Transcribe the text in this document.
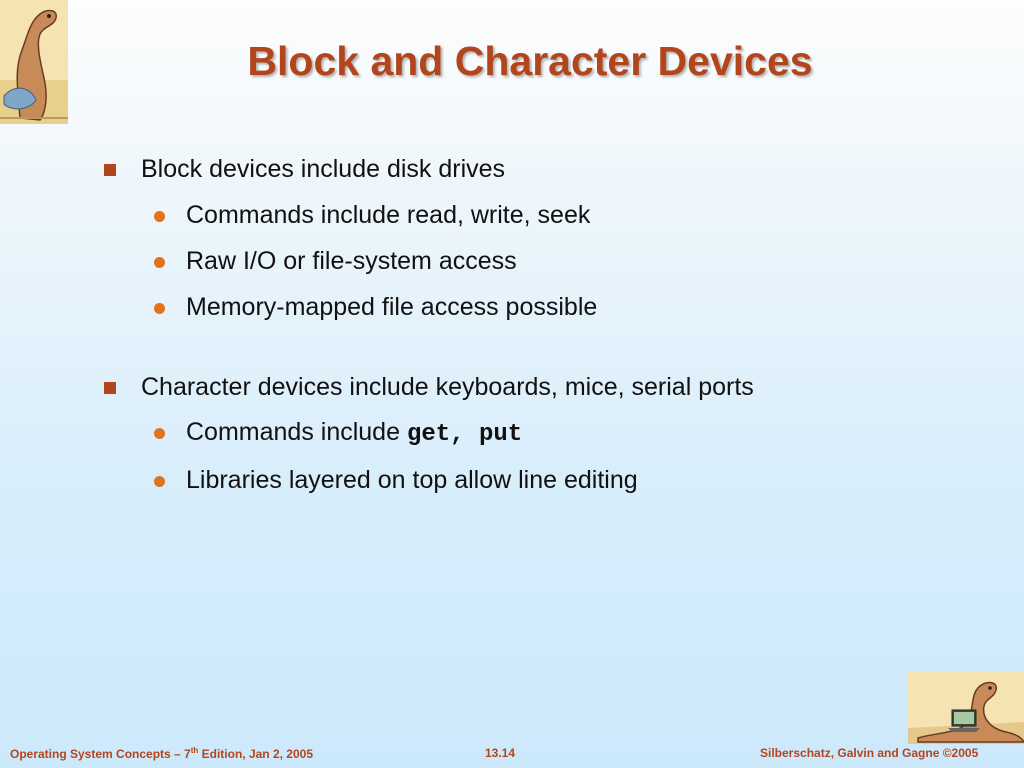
Block and Character Devices
Block devices include disk drives
Commands include read, write, seek
Raw I/O or file-system access
Memory-mapped file access possible
Character devices include keyboards, mice, serial ports
Commands include get, put
Libraries layered on top allow line editing
Operating System Concepts – 7th Edition, Jan 2, 2005	13.14	Silberschatz, Galvin and Gagne ©2005
